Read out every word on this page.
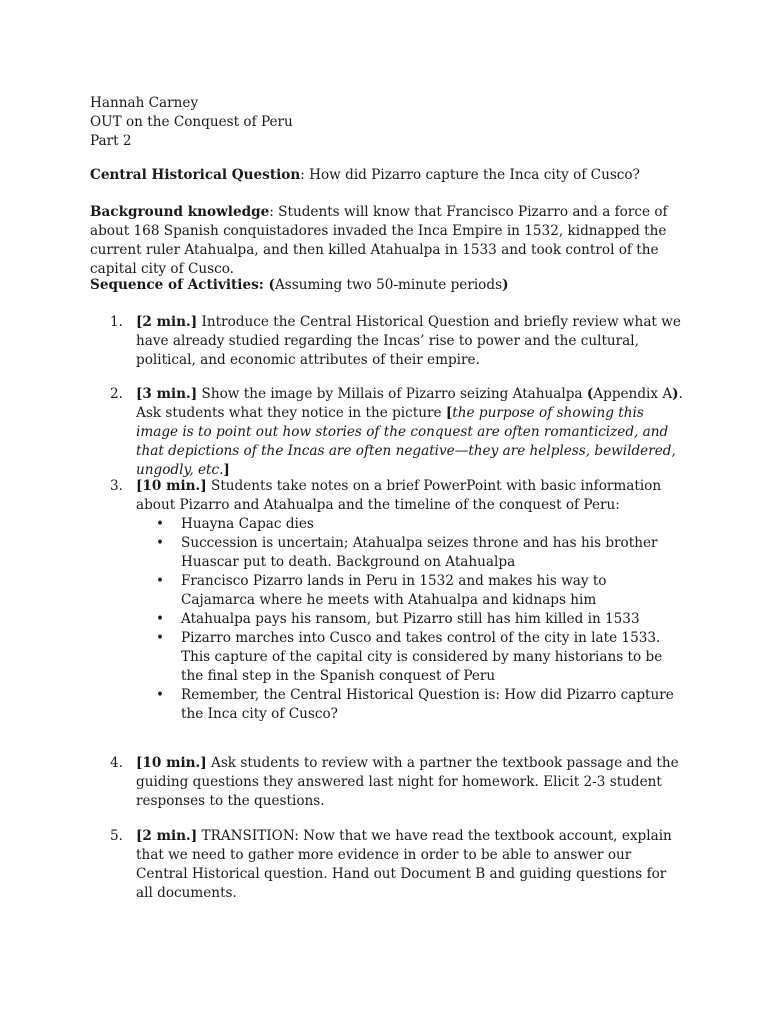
Hannah Carney
OUT on the Conquest of Peru
Part 2
Central Historical Question: How did Pizarro capture the Inca city of Cusco?
Background knowledge: Students will know that Francisco Pizarro and a force of about 168 Spanish conquistadores invaded the Inca Empire in 1532, kidnapped the current ruler Atahualpa, and then killed Atahualpa in 1533 and took control of the capital city of Cusco.
Sequence of Activities: (Assuming two 50-minute periods)
1. [2 min.] Introduce the Central Historical Question and briefly review what we have already studied regarding the Incas’ rise to power and the cultural, political, and economic attributes of their empire.
2. [3 min.] Show the image by Millais of Pizarro seizing Atahualpa (Appendix A). Ask students what they notice in the picture [the purpose of showing this image is to point out how stories of the conquest are often romanticized, and that depictions of the Incas are often negative—they are helpless, bewildered, ungodly, etc.]
3. [10 min.] Students take notes on a brief PowerPoint with basic information about Pizarro and Atahualpa and the timeline of the conquest of Peru:
• Huayna Capac dies
• Succession is uncertain; Atahualpa seizes throne and has his brother Huascar put to death. Background on Atahualpa
• Francisco Pizarro lands in Peru in 1532 and makes his way to Cajamarca where he meets with Atahualpa and kidnaps him
• Atahualpa pays his ransom, but Pizarro still has him killed in 1533
• Pizarro marches into Cusco and takes control of the city in late 1533. This capture of the capital city is considered by many historians to be the final step in the Spanish conquest of Peru
• Remember, the Central Historical Question is: How did Pizarro capture the Inca city of Cusco?
4. [10 min.] Ask students to review with a partner the textbook passage and the guiding questions they answered last night for homework. Elicit 2-3 student responses to the questions.
5. [2 min.] TRANSITION: Now that we have read the textbook account, explain that we need to gather more evidence in order to be able to answer our Central Historical question. Hand out Document B and guiding questions for all documents.
